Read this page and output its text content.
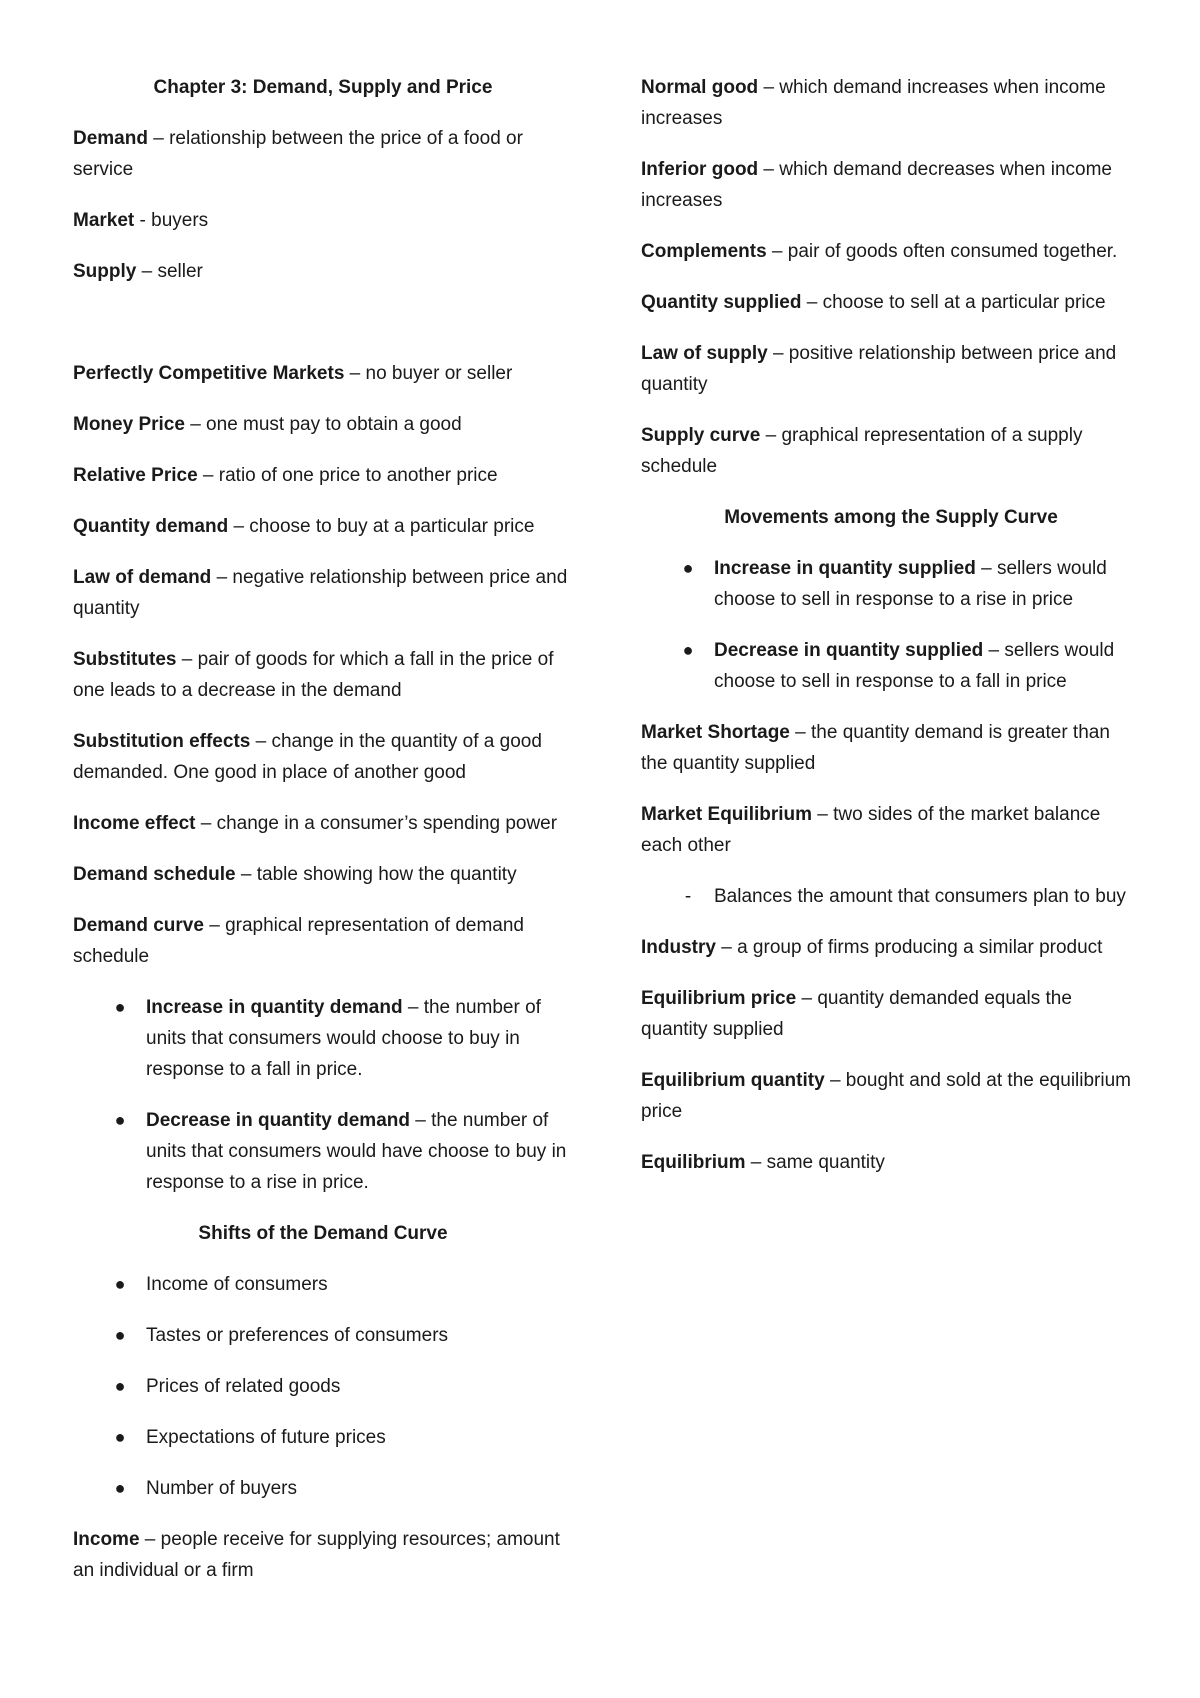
Chapter 3: Demand, Supply and Price

Demand – relationship between the price of a food or service

Market - buyers

Supply – seller

Perfectly Competitive Markets – no buyer or seller

Money Price – one must pay to obtain a good

Relative Price – ratio of one price to another price

Quantity demand – choose to buy at a particular price

Law of demand – negative relationship between price and quantity

Substitutes – pair of goods for which a fall in the price of one leads to a decrease in the demand

Substitution effects – change in the quantity of a good demanded. One good in place of another good

Income effect – change in a consumer’s spending power

Demand schedule – table showing how the quantity

Demand curve – graphical representation of demand schedule

● Increase in quantity demand – the number of units that consumers would choose to buy in response to a fall in price.
● Decrease in quantity demand – the number of units that consumers would have choose to buy in response to a rise in price.

Shifts of the Demand Curve

● Income of consumers
● Tastes or preferences of consumers
● Prices of related goods
● Expectations of future prices
● Number of buyers

Income – people receive for supplying resources; amount an individual or a firm

Normal good – which demand increases when income increases

Inferior good – which demand decreases when income increases

Complements – pair of goods often consumed together.

Quantity supplied – choose to sell at a particular price

Law of supply – positive relationship between price and quantity

Supply curve – graphical representation of a supply schedule

Movements among the Supply Curve

● Increase in quantity supplied – sellers would choose to sell in response to a rise in price
● Decrease in quantity supplied – sellers would choose to sell in response to a fall in price

Market Shortage – the quantity demand is greater than the quantity supplied

Market Equilibrium – two sides of the market balance each other

-	Balances the amount that consumers plan to buy

Industry – a group of firms producing a similar product

Equilibrium price – quantity demanded equals the quantity supplied

Equilibrium quantity – bought and sold at the equilibrium price

Equilibrium – same quantity
